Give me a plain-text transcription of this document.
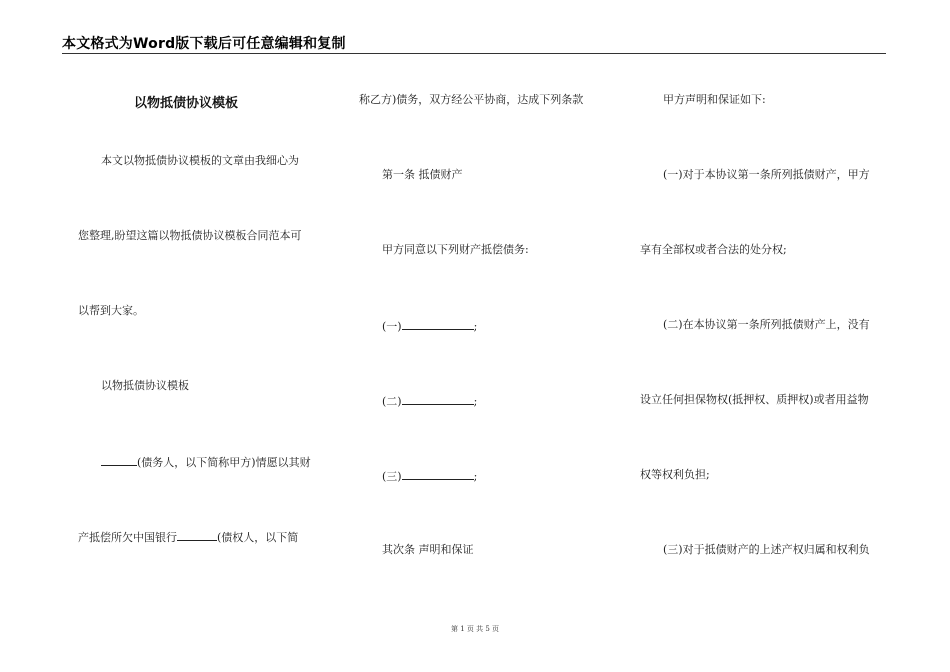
本文格式为Word版下载后可任意编辑和复制
以物抵债协议模板
本文以物抵债协议模板的文章由我细心为
您整理,盼望这篇以物抵债协议模板合同范本可
以帮到大家。
以物抵债协议模板
(债务人，以下简称甲方)情愿以其财
产抵偿所欠中国银行	(债权人，以下简
称乙方)债务，双方经公平协商，达成下列条款
第一条 抵债财产
甲方同意以下列财产抵偿债务:
(一)	;
(二)	;
(三)	;
其次条 声明和保证
甲方声明和保证如下:
(一)对于本协议第一条所列抵债财产，甲方
享有全部权或者合法的处分权;
(二)在本协议第一条所列抵债财产上，没有
设立任何担保物权(抵押权、质押权)或者用益物
权等权利负担;
(三)对于抵债财产的上述产权归属和权利负
第 1 页 共 5 页
